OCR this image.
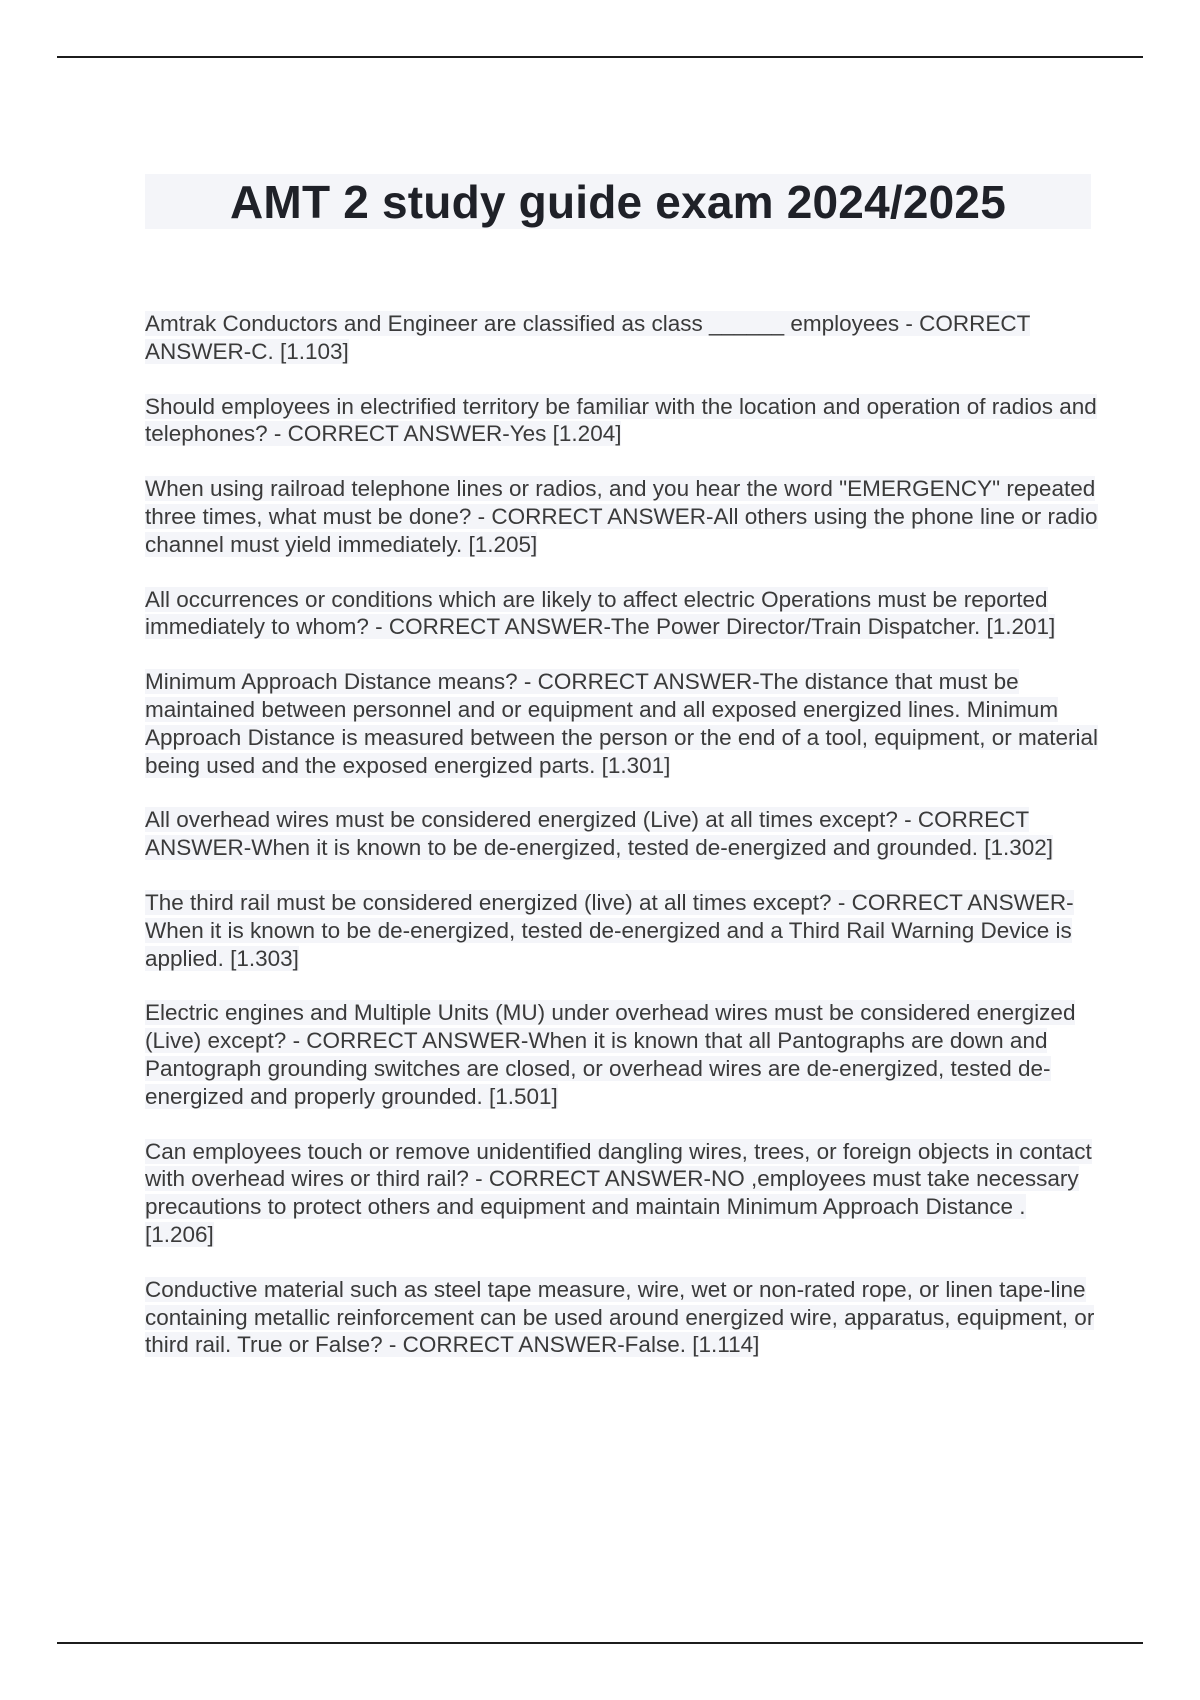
AMT 2 study guide exam 2024/2025
Amtrak Conductors and Engineer are classified as class ______ employees - CORRECT ANSWER-C. [1.103]
Should employees in electrified territory be familiar with the location and operation of radios and telephones? - CORRECT ANSWER-Yes [1.204]
When using railroad telephone lines or radios, and you hear the word "EMERGENCY" repeated three times, what must be done? - CORRECT ANSWER-All others using the phone line or radio channel must yield immediately. [1.205]
All occurrences or conditions which are likely to affect electric Operations must be reported immediately to whom? - CORRECT ANSWER-The Power Director/Train Dispatcher. [1.201]
Minimum Approach Distance means? - CORRECT ANSWER-The distance that must be maintained between personnel and or equipment and all exposed energized lines. Minimum Approach Distance is measured between the person or the end of a tool, equipment, or material being used and the exposed energized parts. [1.301]
All overhead wires must be considered energized (Live) at all times except? - CORRECT ANSWER-When it is known to be de-energized, tested de-energized and grounded. [1.302]
The third rail must be considered energized (live) at all times except? - CORRECT ANSWER-When it is known to be de-energized, tested de-energized and a Third Rail Warning Device is applied. [1.303]
Electric engines and Multiple Units (MU) under overhead wires must be considered energized (Live) except? - CORRECT ANSWER-When it is known that all Pantographs are down and Pantograph grounding switches are closed, or overhead wires are de-energized, tested de-energized and properly grounded. [1.501]
Can employees touch or remove unidentified dangling wires, trees, or foreign objects in contact with overhead wires or third rail? - CORRECT ANSWER-NO ,employees must take necessary precautions to protect others and equipment and maintain Minimum Approach Distance . [1.206]
Conductive material such as steel tape measure, wire, wet or non-rated rope, or linen tape-line containing metallic reinforcement can be used around energized wire, apparatus, equipment, or third rail. True or False? - CORRECT ANSWER-False. [1.114]
